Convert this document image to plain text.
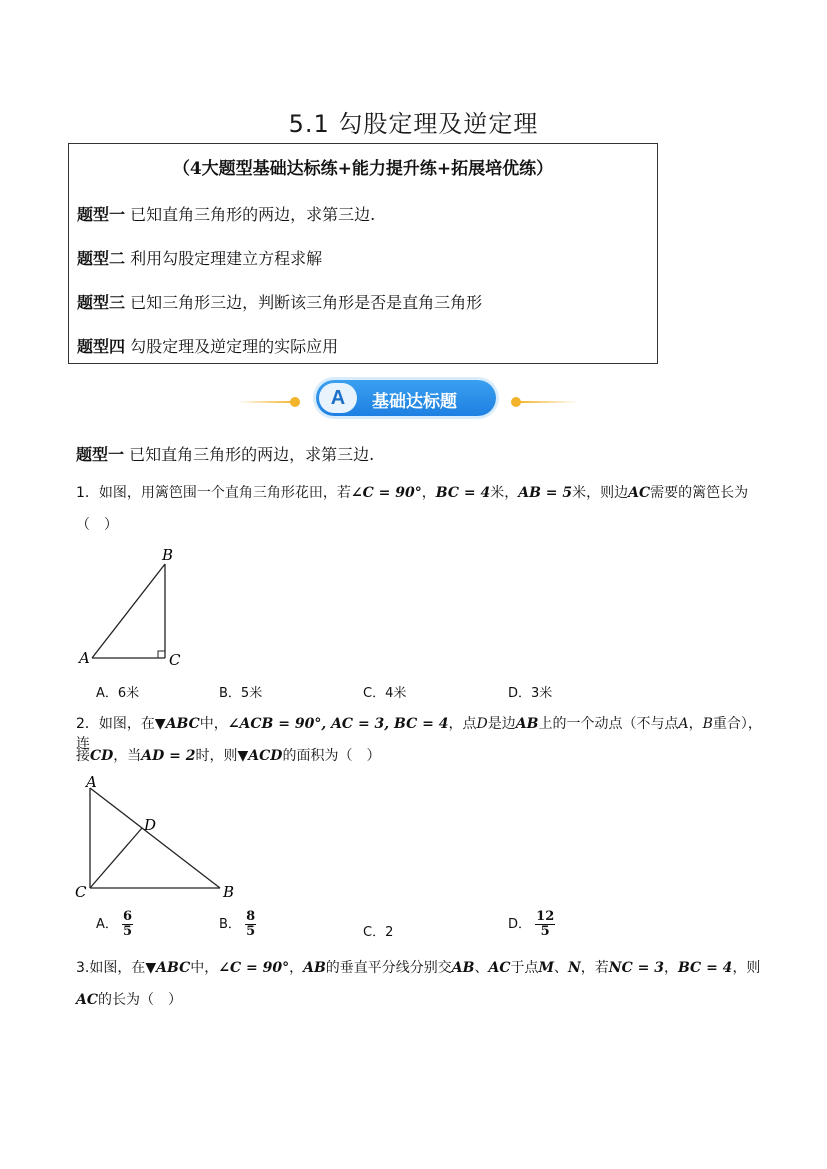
5.1 勾股定理及逆定理
（4大题型基础达标练+能力提升练+拓展培优练）
题型一 已知直角三角形的两边，求第三边.
题型二 利用勾股定理建立方程求解
题型三 已知三角形三边，判断该三角形是否是直角三角形
题型四 勾股定理及逆定理的实际应用
A	基础达标题
题型一 已知直角三角形的两边，求第三边.
1．如图，用篱笆围一个直角三角形花田，若∠C = 90°，BC = 4米，AB = 5米，则边AC需要的篱笆长为
（　）
B
A	C
A．6米	B．5米	C．4米	D．3米
2．如图，在▼ABC中，∠ACB = 90°, AC = 3, BC = 4，点D是边AB上的一个动点（不与点A，B重合），连
接CD，当AD = 2时，则▼ACD的面积为（　）
A
D
C	B
A． $\frac{6}{5}$	B． $\frac{8}{5}$	C．2
D． $\frac{12}{5}$
3.如图，在▼ABC中，∠C = 90°，AB的垂直平分线分别交AB、AC于点M、N，若NC = 3，BC = 4，则
AC的长为（　）
